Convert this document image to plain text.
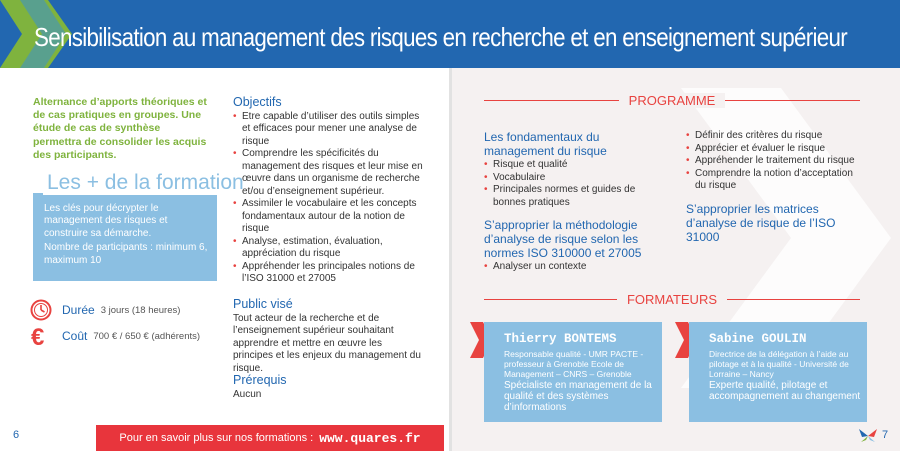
Sensibilisation au management des risques en recherche et en enseignement supérieur
Alternance d’apports théoriques et de cas pratiques en groupes. Une étude de cas de synthèse permettra de consolider les acquis des participants.
Les + de la formation

Les clés pour décrypter le management des risques et construire sa démarche.

Nombre de participants : minimum 6, maximum 10

Durée 3 jours (18 heures)
€ Coût 700 € / 650 € (adhérents)
Objectifs
• Etre capable d’utiliser des outils simples et efficaces pour mener une analyse de risque
• Comprendre les spécificités du management des risques et leur mise en œuvre dans un organisme de recherche et/ou d’enseignement supérieur.
• Assimiler le vocabulaire et les concepts fondamentaux autour de la notion de risque
• Analyse, estimation, évaluation, appréciation du risque
• Appréhender les principales notions de l’ISO 31000 et 27005
Public visé
Tout acteur de la recherche et de l’enseignement supérieur souhaitant apprendre et mettre en œuvre les principes et les enjeux du management du risque.
Prérequis
Aucun
6	Pour en savoir plus sur nos formations : www.quares.fr
PROGRAMME
Les fondamentaux du management du risque
• Risque et qualité
• Vocabulaire
• Principales normes et guides de bonnes pratiques
S’approprier la méthodologie d’analyse de risque selon les normes ISO 310000 et 27005
• Analyser un contexte
• Définir des critères du risque
• Apprécier et évaluer le risque
• Appréhender le traitement du risque
• Comprendre la notion d’acceptation du risque
S’approprier les matrices d’analyse de risque de l’ISO 31000
FORMATEURS
Thierry BONTEMS
Responsable qualité - UMR PACTE - professeur à Grenoble Ecole de Management – CNRS – Grenoble
Spécialiste en management de la qualité et des systèmes d’informations
Sabine GOULIN
Directrice de la délégation à l’aide au pilotage et à la qualité - Université de Lorraine – Nancy
Experte qualité, pilotage et accompagnement au changement
7
